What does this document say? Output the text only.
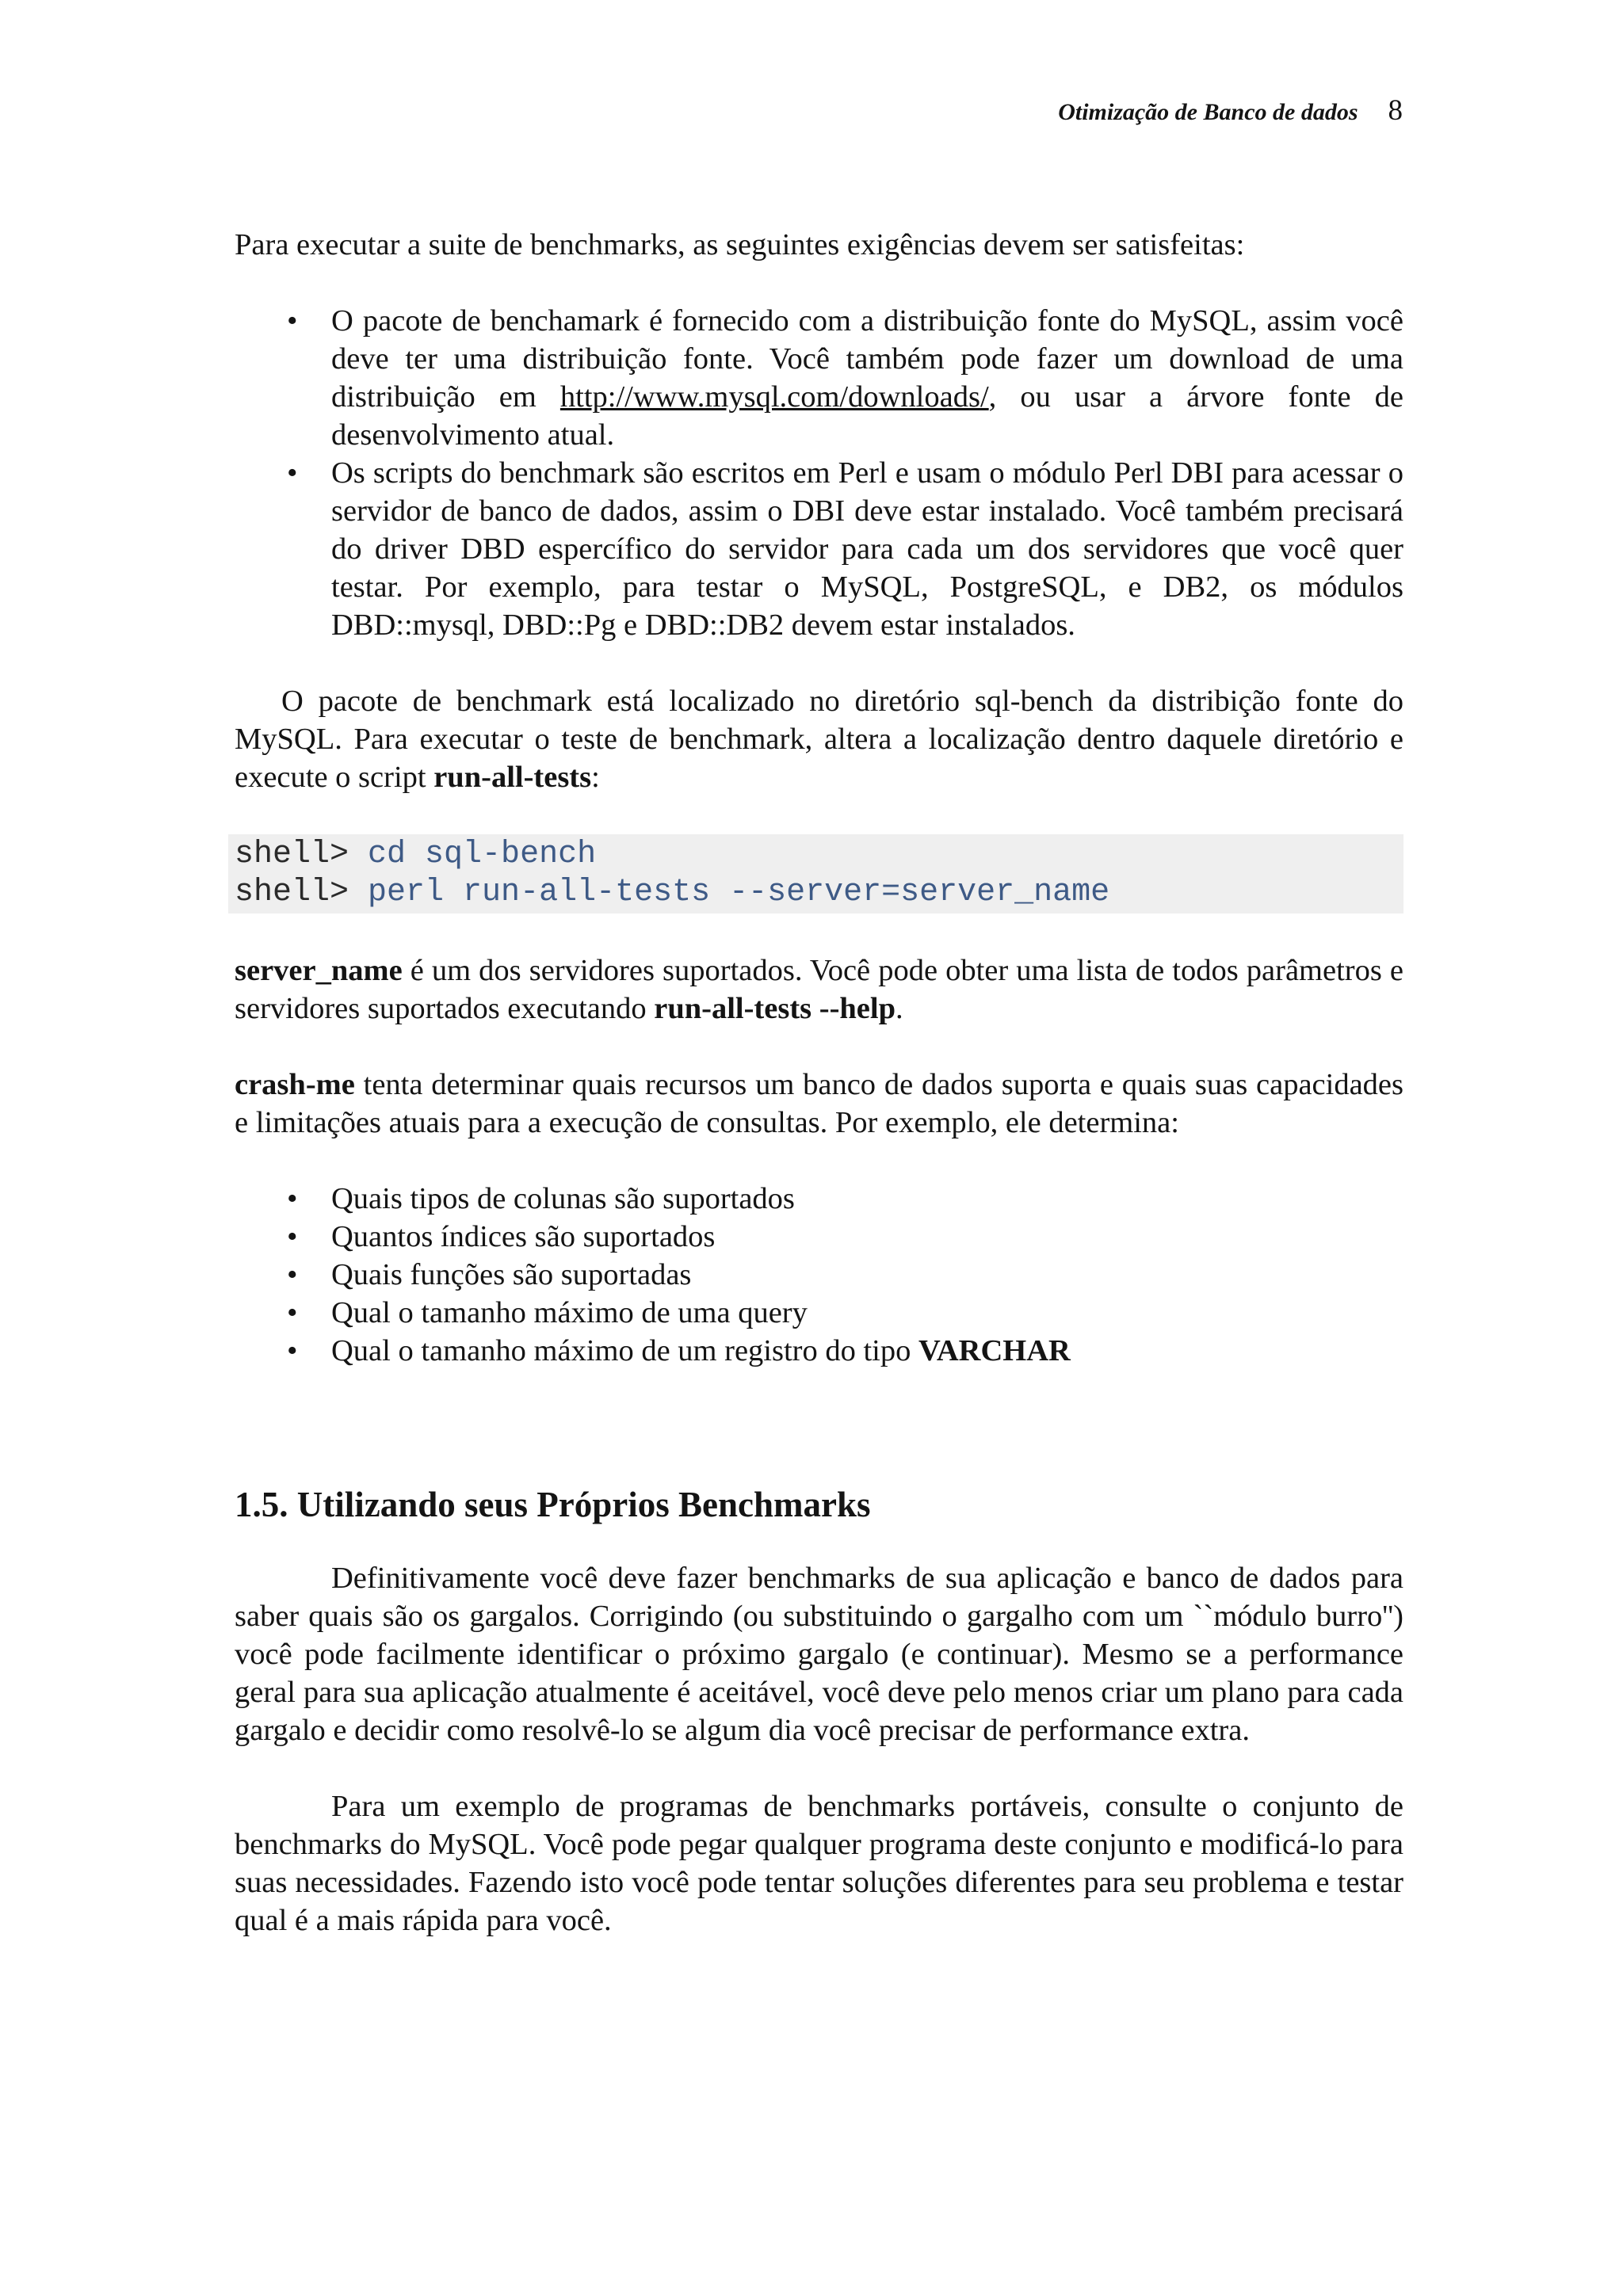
Otimização de Banco de dados 8

Para executar a suite de benchmarks, as seguintes exigências devem ser satisfeitas:

• O pacote de benchamark é fornecido com a distribuição fonte do MySQL, assim você deve ter uma distribuição fonte. Você também pode fazer um download de uma distribuição em http://www.mysql.com/downloads/, ou usar a árvore fonte de desenvolvimento atual.
• Os scripts do benchmark são escritos em Perl e usam o módulo Perl DBI para acessar o servidor de banco de dados, assim o DBI deve estar instalado. Você também precisará do driver DBD espercífico do servidor para cada um dos servidores que você quer testar. Por exemplo, para testar o MySQL, PostgreSQL, e DB2, os módulos DBD::mysql, DBD::Pg e DBD::DB2 devem estar instalados.

O pacote de benchmark está localizado no diretório sql-bench da distribição fonte do MySQL. Para executar o teste de benchmark, altera a localização dentro daquele diretório e execute o script run-all-tests:

shell> cd sql-bench
shell> perl run-all-tests --server=server_name

server_name é um dos servidores suportados. Você pode obter uma lista de todos parâmetros e servidores suportados executando run-all-tests --help.

crash-me tenta determinar quais recursos um banco de dados suporta e quais suas capacidades e limitações atuais para a execução de consultas. Por exemplo, ele determina:

• Quais tipos de colunas são suportados
• Quantos índices são suportados
• Quais funções são suportadas
• Qual o tamanho máximo de uma query
• Qual o tamanho máximo de um registro do tipo VARCHAR
1.5. Utilizando seus Próprios Benchmarks

Definitivamente você deve fazer benchmarks de sua aplicação e banco de dados para saber quais são os gargalos. Corrigindo (ou substituindo o gargalho com um ``módulo burro'') você pode facilmente identificar o próximo gargalo (e continuar). Mesmo se a performance geral para sua aplicação atualmente é aceitável, você deve pelo menos criar um plano para cada gargalo e decidir como resolvê-lo se algum dia você precisar de performance extra.

Para um exemplo de programas de benchmarks portáveis, consulte o conjunto de benchmarks do MySQL. Você pode pegar qualquer programa deste conjunto e modificá-lo para suas necessidades. Fazendo isto você pode tentar soluções diferentes para seu problema e testar qual é a mais rápida para você.
